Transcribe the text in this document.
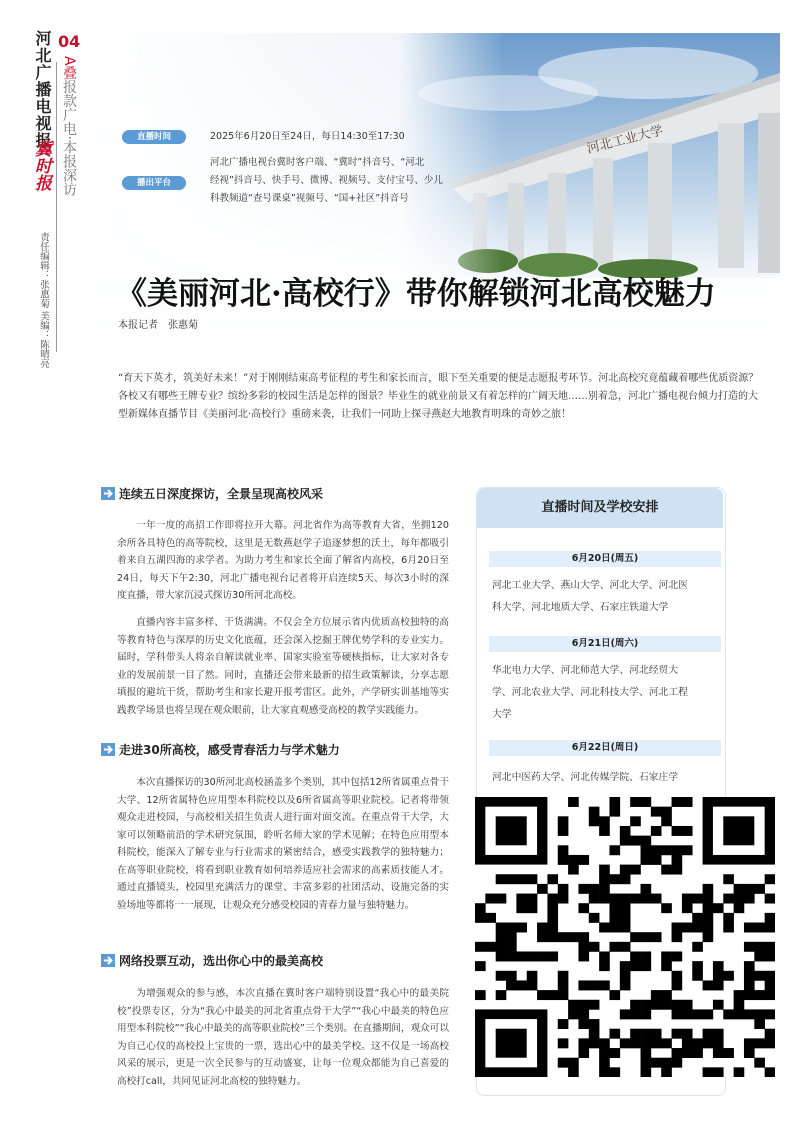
河北广播电视报
冀时报
04
A叠报款广电·本报深访
责任编辑：张惠菊 美编：陈晴亮
直播时间	2025年6月20日至24日，每日14:30至17:30
播出平台
河北广播电视台冀时客户端、“冀时”抖音号、“河北
经视”抖音号、快手号、微博、视频号、支付宝号、少儿
科教频道“查号课桌”视频号、“国+社区”抖音号
《美丽河北·高校行》带你解锁河北高校魅力
本报记者　张惠菊
“育天下英才，筑美好未来！”对于刚刚结束高考征程的考生和家长而言，眼下至关重要的便是志愿报考环节。河北高校究竟蕴藏着哪些优质资源？各校又有哪些王牌专业？缤纷多彩的校园生活是怎样的图景？毕业生的就业前景又有着怎样的广阔天地……别着急，河北广播电视台倾力打造的大型新媒体直播节目《美丽河北·高校行》重磅来袭，让我们一同助上探寻燕赵大地教育明珠的奇妙之旅！
连续五日深度探访，全景呈现高校风采
一年一度的高招工作即将拉开大幕。河北省作为高等教育大省，坐拥120余所各具特色的高等院校，这里是无数燕赵学子追逐梦想的沃土，每年都吸引着来自五湖四海的求学者。为助力考生和家长全面了解省内高校，6月20日至24日，每天下午2:30，河北广播电视台记者将开启连续5天、每次3小时的深度直播，带大家沉浸式探访30所河北高校。
直播内容丰富多样、干货满满。不仅会全方位展示省内优质高校独特的高等教育特色与深厚的历史文化底蕴，还会深入挖掘王牌优势学科的专业实力。届时，学科带头人将亲自解读就业率、国家实验室等硬核指标，让大家对各专业的发展前景一目了然。同时，直播还会带来最新的招生政策解读，分享志愿填报的避坑干货，帮助考生和家长避开报考雷区。此外，产学研实训基地等实践教学场景也将呈现在观众眼前，让大家直观感受高校的教学实践能力。
走进30所高校，感受青春活力与学术魅力
本次直播探访的30所河北高校涵盖多个类别，其中包括12所省属重点骨干大学、12所省属特色应用型本科院校以及6所省属高等职业院校。记者将带领观众走进校园，与高校相关招生负责人进行面对面交流。在重点骨干大学，大家可以领略前沿的学术研究氛围，聆听名师大家的学术见解；在特色应用型本科院校，能深入了解专业与行业需求的紧密结合，感受实践教学的独特魅力；在高等职业院校，将看到职业教育如何培养适应社会需求的高素质技能人才。通过直播镜头，校园里充满活力的课堂、丰富多彩的社团活动、设施完备的实验场地等都将一一展现，让观众充分感受校园的青春力量与独特魅力。
网络投票互动，选出你心中的最美高校
为增强观众的参与感，本次直播在冀时客户端特别设置“我心中的最美院校”投票专区，分为“我心中最美的河北省重点骨干大学”“我心中最美的特色应用型本科院校”“我心中最美的高等职业院校”三个类别。在直播期间，观众可以为自己心仪的高校投上宝贵的一票，选出心中的最美学校。这不仅是一场高校风采的展示，更是一次全民参与的互动盛宴，让每一位观众都能为自己喜爱的高校打call，共同见证河北高校的独特魅力。
直播时间及学校安排
6月20日(周五)
河北工业大学、燕山大学、河北大学、河北医
科大学、河北地质大学、石家庄铁道大学
6月21日(周六)
华北电力大学、河北师范大学、河北经贸大
学、河北农业大学、河北科技大学、河北工程
大学
6月22日(周日)
河北中医药大学、河北传媒学院、石家庄学
